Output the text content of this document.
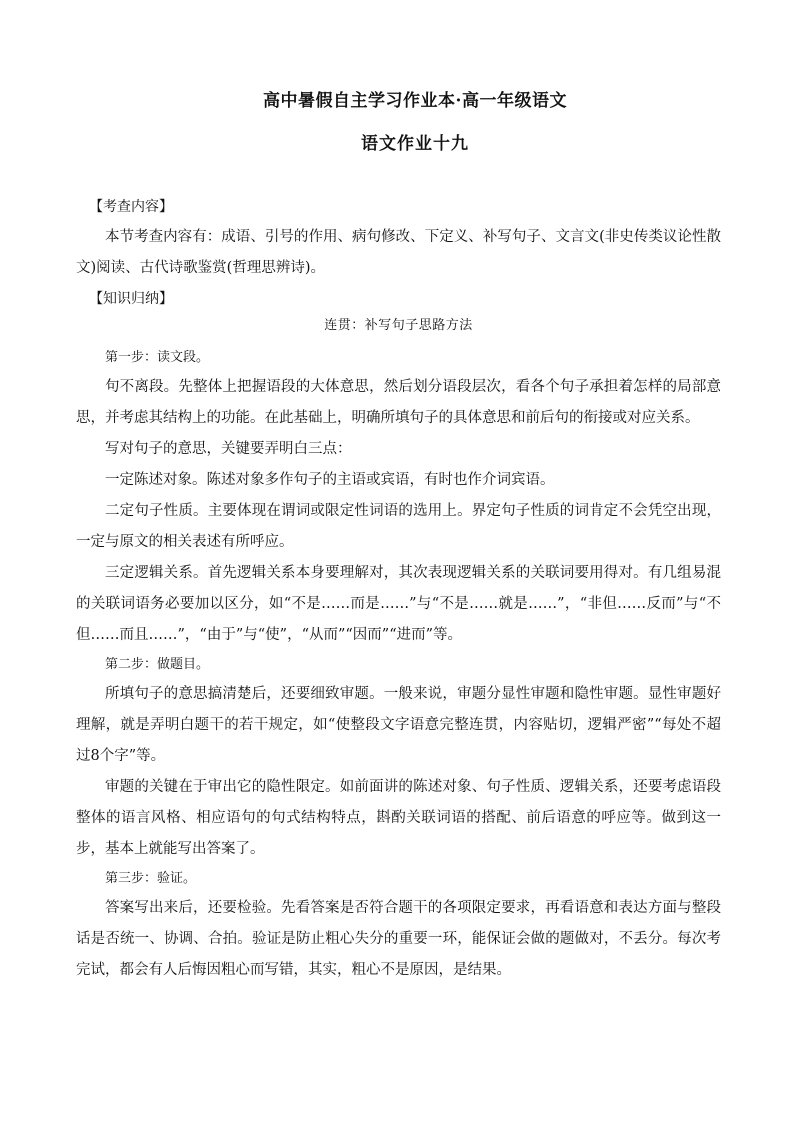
高中暑假自主学习作业本·高一年级语文
语文作业十九
【考查内容】

本节考查内容有：成语、引号的作用、病句修改、下定义、补写句子、文言文(非史传类议论性散文)阅读、古代诗歌鉴赏(哲理思辨诗)。

【知识归纳】
连贯：补写句子思路方法
第一步：读文段。

句不离段。先整体上把握语段的大体意思，然后划分语段层次，看各个句子承担着怎样的局部意思，并考虑其结构上的功能。在此基础上，明确所填句子的具体意思和前后句的衔接或对应关系。

写对句子的意思，关键要弄明白三点：

一定陈述对象。陈述对象多作句子的主语或宾语，有时也作介词宾语。

二定句子性质。主要体现在谓词或限定性词语的选用上。界定句子性质的词肯定不会凭空出现，一定与原文的相关表述有所呼应。

三定逻辑关系。首先逻辑关系本身要理解对，其次表现逻辑关系的关联词要用得对。有几组易混的关联词语务必要加以区分，如“不是……而是……”与“不是……就是……”，“非但……反而”与“不但……而且……”，“由于”与“使”，“从而”“因而”“进而”等。

第二步：做题目。

所填句子的意思搞清楚后，还要细致审题。一般来说，审题分显性审题和隐性审题。显性审题好理解，就是弄明白题干的若干规定，如“使整段文字语意完整连贯，内容贴切，逻辑严密”“每处不超过8个字”等。

审题的关键在于审出它的隐性限定。如前面讲的陈述对象、句子性质、逻辑关系，还要考虑语段整体的语言风格、相应语句的句式结构特点，斟酌关联词语的搭配、前后语意的呼应等。做到这一步，基本上就能写出答案了。

第三步：验证。

答案写出来后，还要检验。先看答案是否符合题干的各项限定要求，再看语意和表达方面与整段话是否统一、协调、合拍。验证是防止粗心失分的重要一环，能保证会做的题做对，不丢分。每次考完试，都会有人后悔因粗心而写错，其实，粗心不是原因，是结果。
